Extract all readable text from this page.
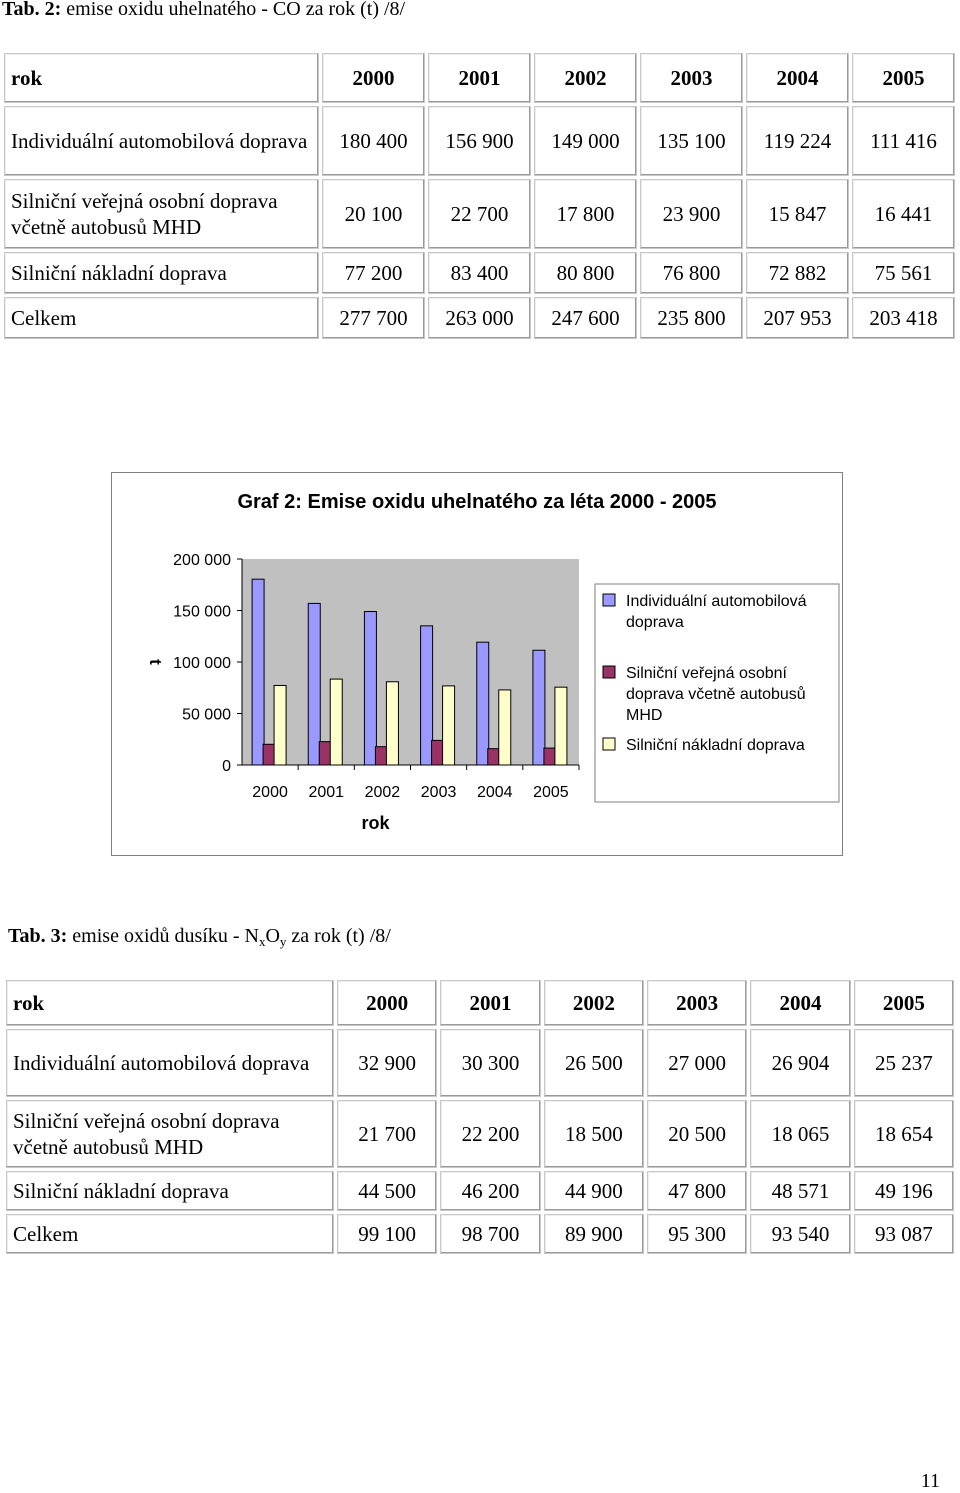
Tab. 2: emise oxidu uhelnatého - CO za rok (t) /8/
rok	2000	2001	2002	2003	2004	2005
Individuální automobilová doprava	180 400	156 900	149 000	135 100	119 224	111 416
Silniční veřejná osobní doprava včetně autobusů MHD	20 100	22 700	17 800	23 900	15 847	16 441
Silniční nákladní doprava	77 200	83 400	80 800	76 800	72 882	75 561
Celkem	277 700	263 000	247 600	235 800	207 953	203 418
Graf 2: Emise oxidu uhelnatého za léta 2000 - 2005
200 000
150 000
100 000
50 000
0
2000 2001 2002 2003 2004 2005
rok
t
Individuální automobilová doprava
Silniční veřejná osobní doprava včetně autobusů MHD
Silniční nákladní doprava
Tab. 3: emise oxidů dusíku - $N_xO_y$ za rok (t) /8/
rok	2000	2001	2002	2003	2004	2005
Individuální automobilová doprava	32 900	30 300	26 500	27 000	26 904	25 237
Silniční veřejná osobní doprava včetně autobusů MHD	21 700	22 200	18 500	20 500	18 065	18 654
Silniční nákladní doprava	44 500	46 200	44 900	47 800	48 571	49 196
Celkem	99 100	98 700	89 900	95 300	93 540	93 087
11
